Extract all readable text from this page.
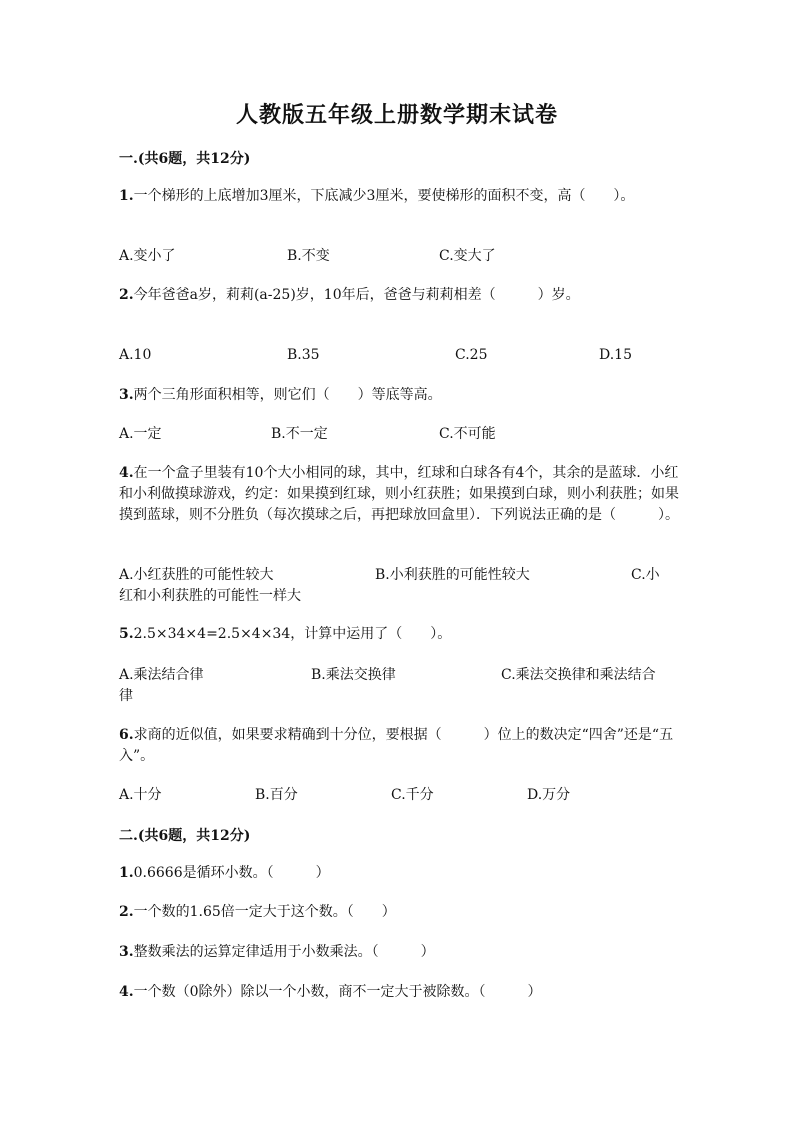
人教版五年级上册数学期末试卷
一.(共6题，共12分)
1.一个梯形的上底增加3厘米，下底减少3厘米，要使梯形的面积不变，高（　　）。
A.变小了	B.不变	C.变大了
2.今年爸爸a岁，莉莉(a-25)岁，10年后，爸爸与莉莉相差（　　　）岁。
A.10	B.35	C.25	D.15
3.两个三角形面积相等，则它们（　　）等底等高。
A.一定	B.不一定	C.不可能
4.在一个盒子里装有10个大小相同的球，其中，红球和白球各有4个，其余的是蓝球．小红和小利做摸球游戏，约定：如果摸到红球，则小红获胜；如果摸到白球，则小利获胜；如果摸到蓝球，则不分胜负（每次摸球之后，再把球放回盒里）．下列说法正确的是（　　　）。
A.小红获胜的可能性较大	B.小利获胜的可能性较大	C.小红和小利获胜的可能性一样大
5.2.5×34×4=2.5×4×34，计算中运用了（　　）。
A.乘法结合律	B.乘法交换律	C.乘法交换律和乘法结合律
6.求商的近似值，如果要求精确到十分位，要根据（　　　）位上的数决定“四舍”还是“五入”。
A.十分	B.百分	C.千分	D.万分
二.(共6题，共12分)
1.0.6666是循环小数。（　　　）
2.一个数的1.65倍一定大于这个数。（　　）
3.整数乘法的运算定律适用于小数乘法。（　　　）
4.一个数（0除外）除以一个小数，商不一定大于被除数。（　　　）
